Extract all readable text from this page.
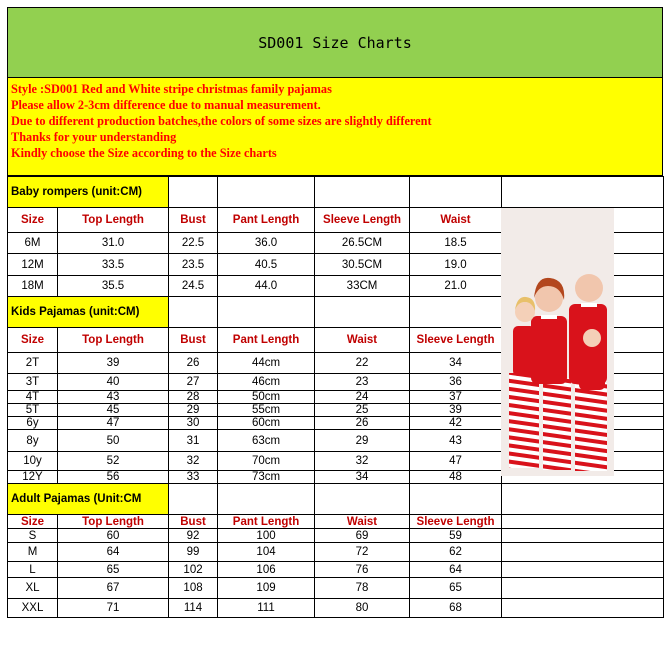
SD001 Size Charts
Style :SD001 Red and White stripe christmas family pajamas
Please allow 2-3cm difference due to manual measurement.
Due to different production batches,the colors of some sizes are slightly different
Thanks for your understanding
Kindly choose the Size according to the Size charts
Baby rompers (unit:CM)						
Size	Top Length	Bust	Pant Length	Sleeve Length	Waist	
6M	31.0	22.5	36.0	26.5CM	18.5	
12M	33.5	23.5	40.5	30.5CM	19.0	
18M	35.5	24.5	44.0	33CM	21.0	
Kids Pajamas (unit:CM)						
Size	Top Length	Bust	Pant Length	Waist	Sleeve Length	
2T	39	26	44cm	22	34	
3T	40	27	46cm	23	36	
4T	43	28	50cm	24	37	
5T	45	29	55cm	25	39	
6y	47	30	60cm	26	42	
8y	50	31	63cm	29	43	
10y	52	32	70cm	32	47	
12Y	56	33	73cm	34	48	
Adult Pajamas (Unit:CM						
Size	Top Length	Bust	Pant Length	Waist	Sleeve Length	
S	60	92	100	69	59	
M	64	99	104	72	62	
L	65	102	106	76	64	
XL	67	108	109	78	65	
XXL	71	114	111	80	68	
